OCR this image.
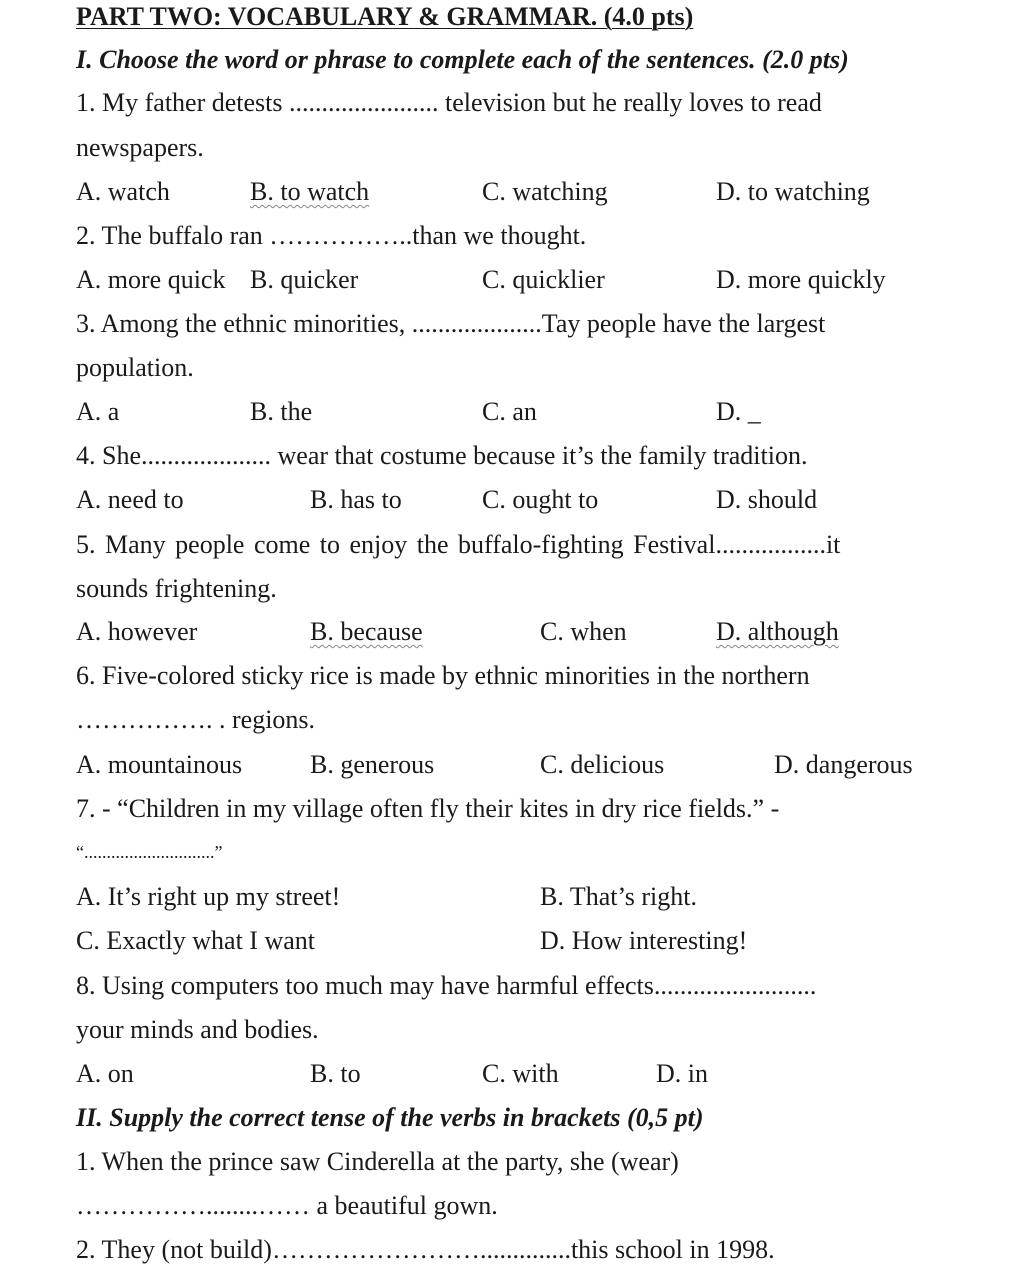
PART TWO: VOCABULARY & GRAMMAR. (4.0 pts)
I. Choose the word or phrase to complete each of the sentences. (2.0 pts)
1. My father detests ....................... television but he really loves to read
newspapers.
A. watch	B. to watch	C. watching	D. to watching
2. The buffalo ran ……………..than we thought.
A. more quick B. quicker	C. quicklier	D. more quickly
3. Among the ethnic minorities, ....................Tay people have the largest
population.
A. a	B. the	C. an	D. _
4. She.................... wear that costume because it’s the family tradition.
A. need to	B. has to	C. ought to	D. should
5. Many people come to enjoy the buffalo-fighting Festival.................it
sounds frightening.
A. however	B. because	C. when	D. although
6. Five-colored sticky rice is made by ethnic minorities in the northern
……………. . regions.
A. mountainous	B. generous	C. delicious	D. dangerous
7. - “Children in my village often fly their kites in dry rice fields.” -
“.............................”
A. It’s right up my street!	B. That’s right.
C. Exactly what I want	D. How interesting!
8. Using computers too much may have harmful effects.........................
your minds and bodies.
A. on	B. to	C. with	D. in
II. Supply the correct tense of the verbs in brackets (0,5 pt)
1. When the prince saw Cinderella at the party, she (wear)
……………........…… a beautiful gown.
2. They (not build)……………………..............this school in 1998.
